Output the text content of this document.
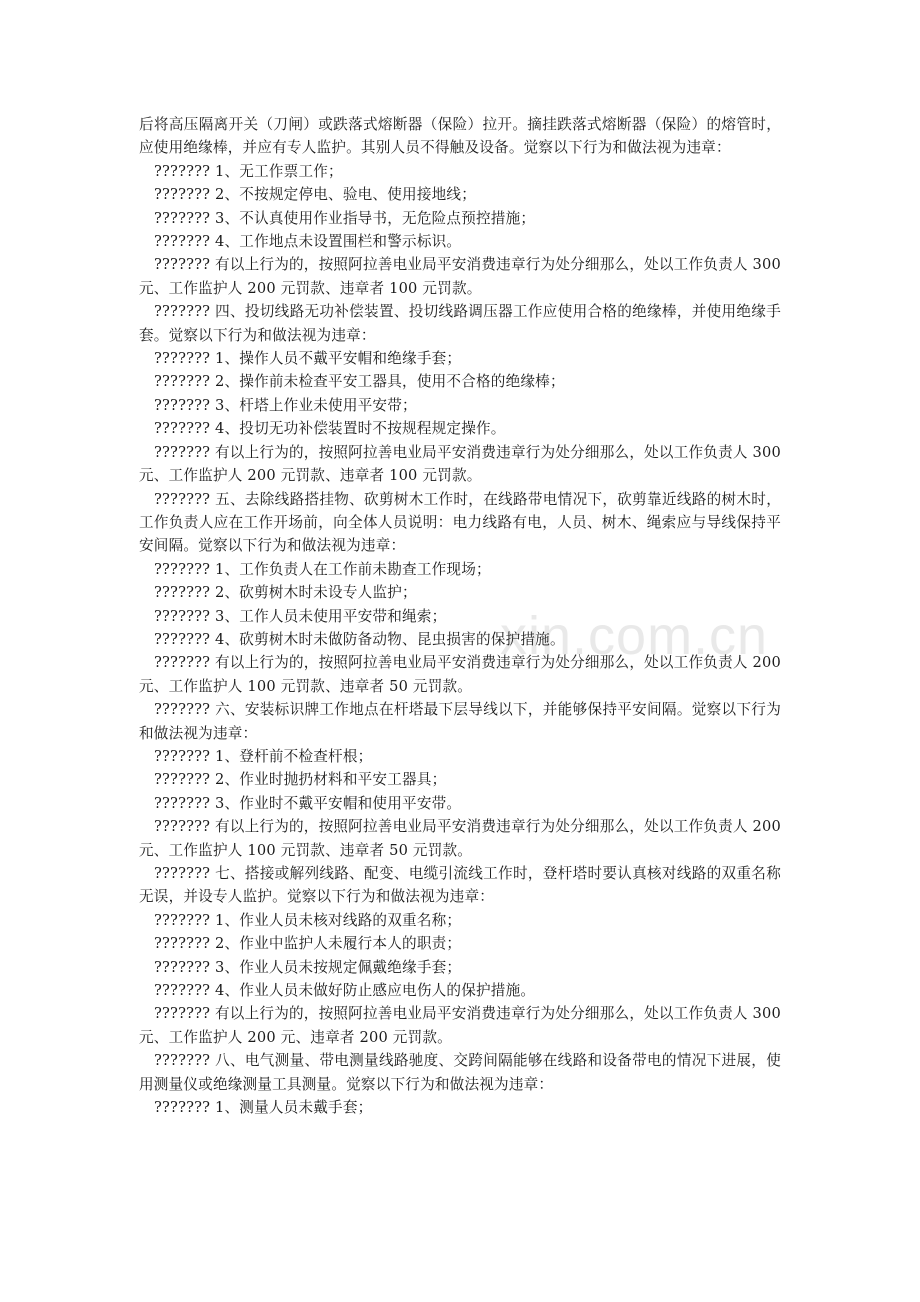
xin.com.cn

后将高压隔离开关（刀闸）或跌落式熔断器（保险）拉开。摘挂跌落式熔断器（保险）的熔管时，应使用绝缘棒，并应有专人监护。其别人员不得触及设备。觉察以下行为和做法视为违章：

??????? 1、无工作票工作；

??????? 2、不按规定停电、验电、使用接地线；

??????? 3、不认真使用作业指导书，无危险点预控措施；

??????? 4、工作地点未设置围栏和警示标识。

??????? 有以上行为的，按照阿拉善电业局平安消费违章行为处分细那么，处以工作负责人 300 元、工作监护人 200 元罚款、违章者 100 元罚款。

??????? 四、投切线路无功补偿装置、投切线路调压器工作应使用合格的绝缘棒，并使用绝缘手套。觉察以下行为和做法视为违章：

??????? 1、操作人员不戴平安帽和绝缘手套；

??????? 2、操作前未检查平安工器具，使用不合格的绝缘棒；

??????? 3、杆塔上作业未使用平安带；

??????? 4、投切无功补偿装置时不按规程规定操作。

??????? 有以上行为的，按照阿拉善电业局平安消费违章行为处分细那么，处以工作负责人 300 元、工作监护人 200 元罚款、违章者 100 元罚款。

??????? 五、去除线路搭挂物、砍剪树木工作时，在线路带电情况下，砍剪靠近线路的树木时，工作负责人应在工作开场前，向全体人员说明：电力线路有电，人员、树木、绳索应与导线保持平安间隔。觉察以下行为和做法视为违章：

??????? 1、工作负责人在工作前未勘查工作现场；

??????? 2、砍剪树木时未设专人监护；

??????? 3、工作人员未使用平安带和绳索；

??????? 4、砍剪树木时未做防备动物、昆虫损害的保护措施。

??????? 有以上行为的，按照阿拉善电业局平安消费违章行为处分细那么，处以工作负责人 200 元、工作监护人 100 元罚款、违章者 50 元罚款。

??????? 六、安装标识牌工作地点在杆塔最下层导线以下，并能够保持平安间隔。觉察以下行为和做法视为违章：

??????? 1、登杆前不检查杆根；

??????? 2、作业时抛扔材料和平安工器具；

??????? 3、作业时不戴平安帽和使用平安带。

??????? 有以上行为的，按照阿拉善电业局平安消费违章行为处分细那么，处以工作负责人 200 元、工作监护人 100 元罚款、违章者 50 元罚款。

??????? 七、搭接或解列线路、配变、电缆引流线工作时，登杆塔时要认真核对线路的双重名称无误，并设专人监护。觉察以下行为和做法视为违章：

??????? 1、作业人员未核对线路的双重名称；

??????? 2、作业中监护人未履行本人的职责；

??????? 3、作业人员未按规定佩戴绝缘手套；

??????? 4、作业人员未做好防止感应电伤人的保护措施。

??????? 有以上行为的，按照阿拉善电业局平安消费违章行为处分细那么，处以工作负责人 300 元、工作监护人 200 元、违章者 200 元罚款。

??????? 八、电气测量、带电测量线路驰度、交跨间隔能够在线路和设备带电的情况下进展，使用测量仪或绝缘测量工具测量。觉察以下行为和做法视为违章：

??????? 1、测量人员未戴手套；
